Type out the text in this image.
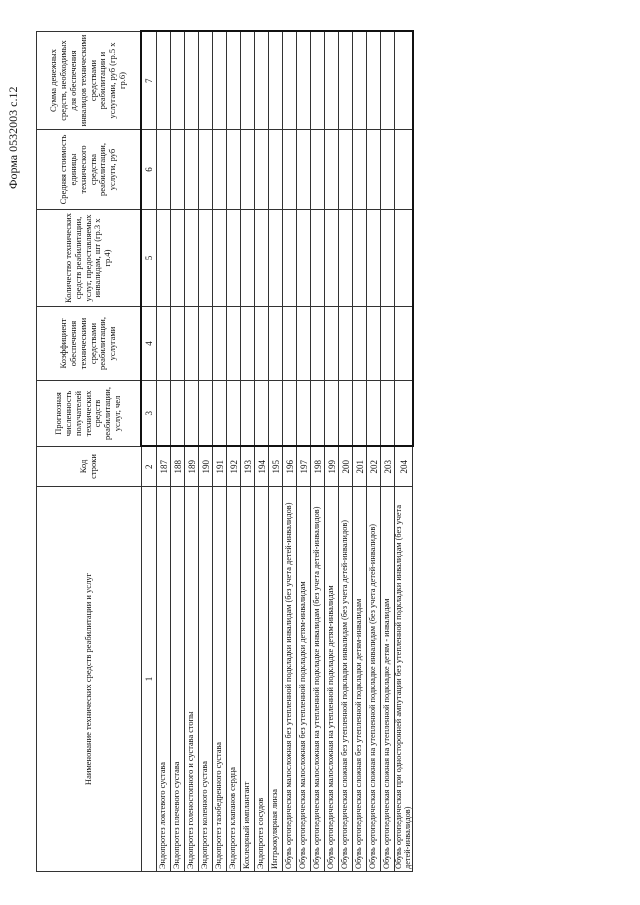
Форма 0532003 с.12
Наименование технических средств реабилитации и услуг	Код строки	Прогнозная численность получателей технических средств реабилитации, услуг, чел	Коэффициент обеспечения техническими средствами реабилитации, услугами	Количество технических средств реабилитации, услуг, предоставляемых инвалидам, шт (гр.3 х гр.4)	Средняя стоимость единицы технического средства реабилитации, услуги, руб	Сумма денежных средств, необходимых для обеспечения инвалидов техническими средствами реабилитации и услугами, руб (гр.5 х гр.6)
1	2	3	4	5	6	7
Эндопротез локтевого сустава	187					
Эндопротез плечевого сустава	188					
Эндопротез голеностопного и сустава стопы	189					
Эндопротез коленного сустава	190					
Эндопротез тазобедренного сустава	191					
Эндопротез клапанов сердца	192					
Кохлеарный имплантант	193					
Эндопротез сосудов	194					
Интраокулярная линза	195					
Обувь ортопедическая малосложная без утепленной подкладки инвалидам (без учета детей-инвалидов)	196					
Обувь ортопедическая малосложная без утепленной подкладки детям-инвалидам	197					
Обувь ортопедическая малосложная на утепленной подкладке инвалидам (без учета детей-инвалидов)	198					
Обувь ортопедическая малосложная на утепленной подкладке детям-инвалидам	199					
Обувь ортопедическая сложная без утепленной подкладки инвалидам (без учета детей-инвалидов)	200					
Обувь ортопедическая сложная без утепленной подкладки детям-инвалидам	201					
Обувь ортопедическая сложная на утепленной подкладке инвалидам (без учета детей-инвалидов)	202					
Обувь ортопедическая сложная на утепленной подкладке детям - инвалидам	203					
Обувь ортопедическая при односторонней ампутации без утепленной подкладки инвалидам (без учета детей-инвалидов)	204					
